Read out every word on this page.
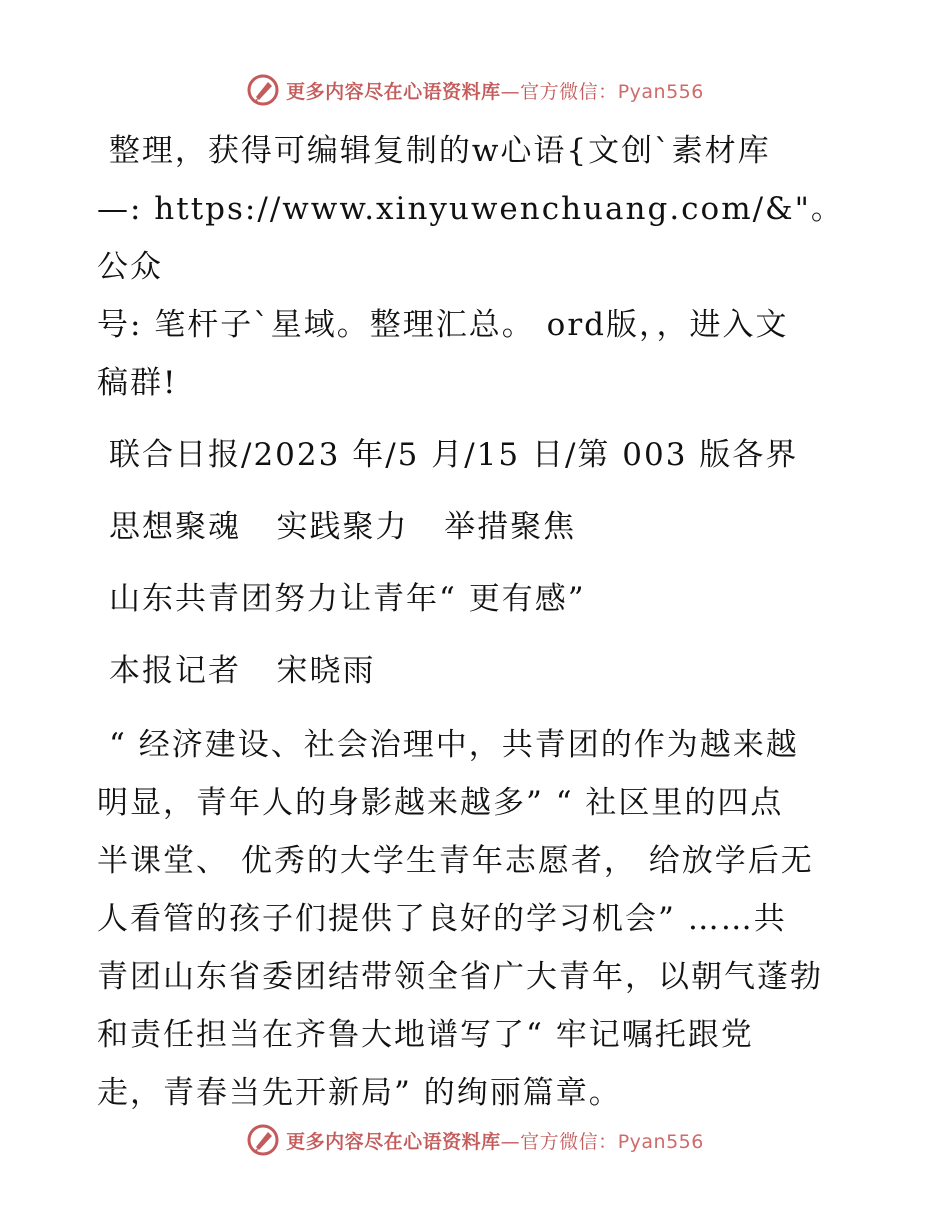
更多内容尽在心语资料库—官方微信：Pyan556

整理，获得可编辑复制的w心语{文创`素材库

—: https://www.xinyuwenchuang.com/&"。公众

号: 笔杆子`星域。整理汇总。 ord版，，进入文

稿群!

联合日报/2023 年/5 月/15 日/第 003 版各界

思想聚魂   实践聚力   举措聚焦

山东共青团努力让青年“ 更有感”

本报记者   宋晓雨

“ 经济建设、社会治理中，共青团的作为越来越

明显，青年人的身影越来越多” “ 社区里的四点

半课堂、 优秀的大学生青年志愿者， 给放学后无

人看管的孩子们提供了良好的学习机会” ……共

青团山东省委团结带领全省广大青年，以朝气蓬勃

和责任担当在齐鲁大地谱写了“ 牢记嘱托跟党

走，青春当先开新局” 的绚丽篇章。

更多内容尽在心语资料库—官方微信：Pyan556
